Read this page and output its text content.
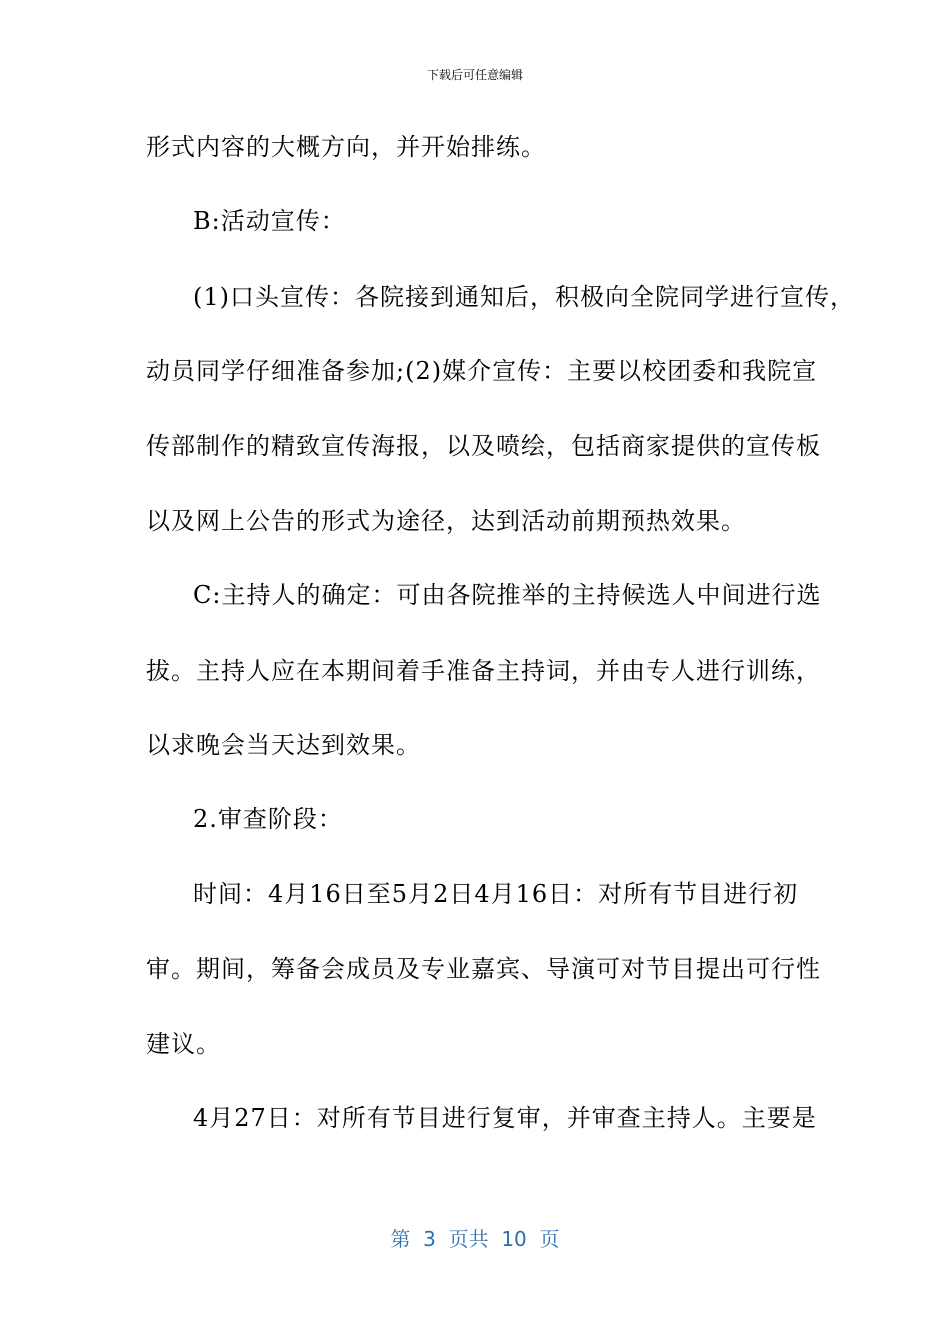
下载后可任意编辑
形式内容的大概方向，并开始排练。
B:活动宣传：
(1)口头宣传：各院接到通知后，积极向全院同学进行宣传，
动员同学仔细准备参加;(2)媒介宣传：主要以校团委和我院宣
传部制作的精致宣传海报，以及喷绘，包括商家提供的宣传板
以及网上公告的形式为途径，达到活动前期预热效果。
C:主持人的确定：可由各院推举的主持候选人中间进行选
拔。主持人应在本期间着手准备主持词，并由专人进行训练，
以求晚会当天达到效果。
2.审查阶段：
时间：4月16日至5月2日4月16日：对所有节目进行初
审。期间，筹备会成员及专业嘉宾、导演可对节目提出可行性
建议。
4月27日：对所有节目进行复审，并审查主持人。主要是
第  3  页共  10  页
